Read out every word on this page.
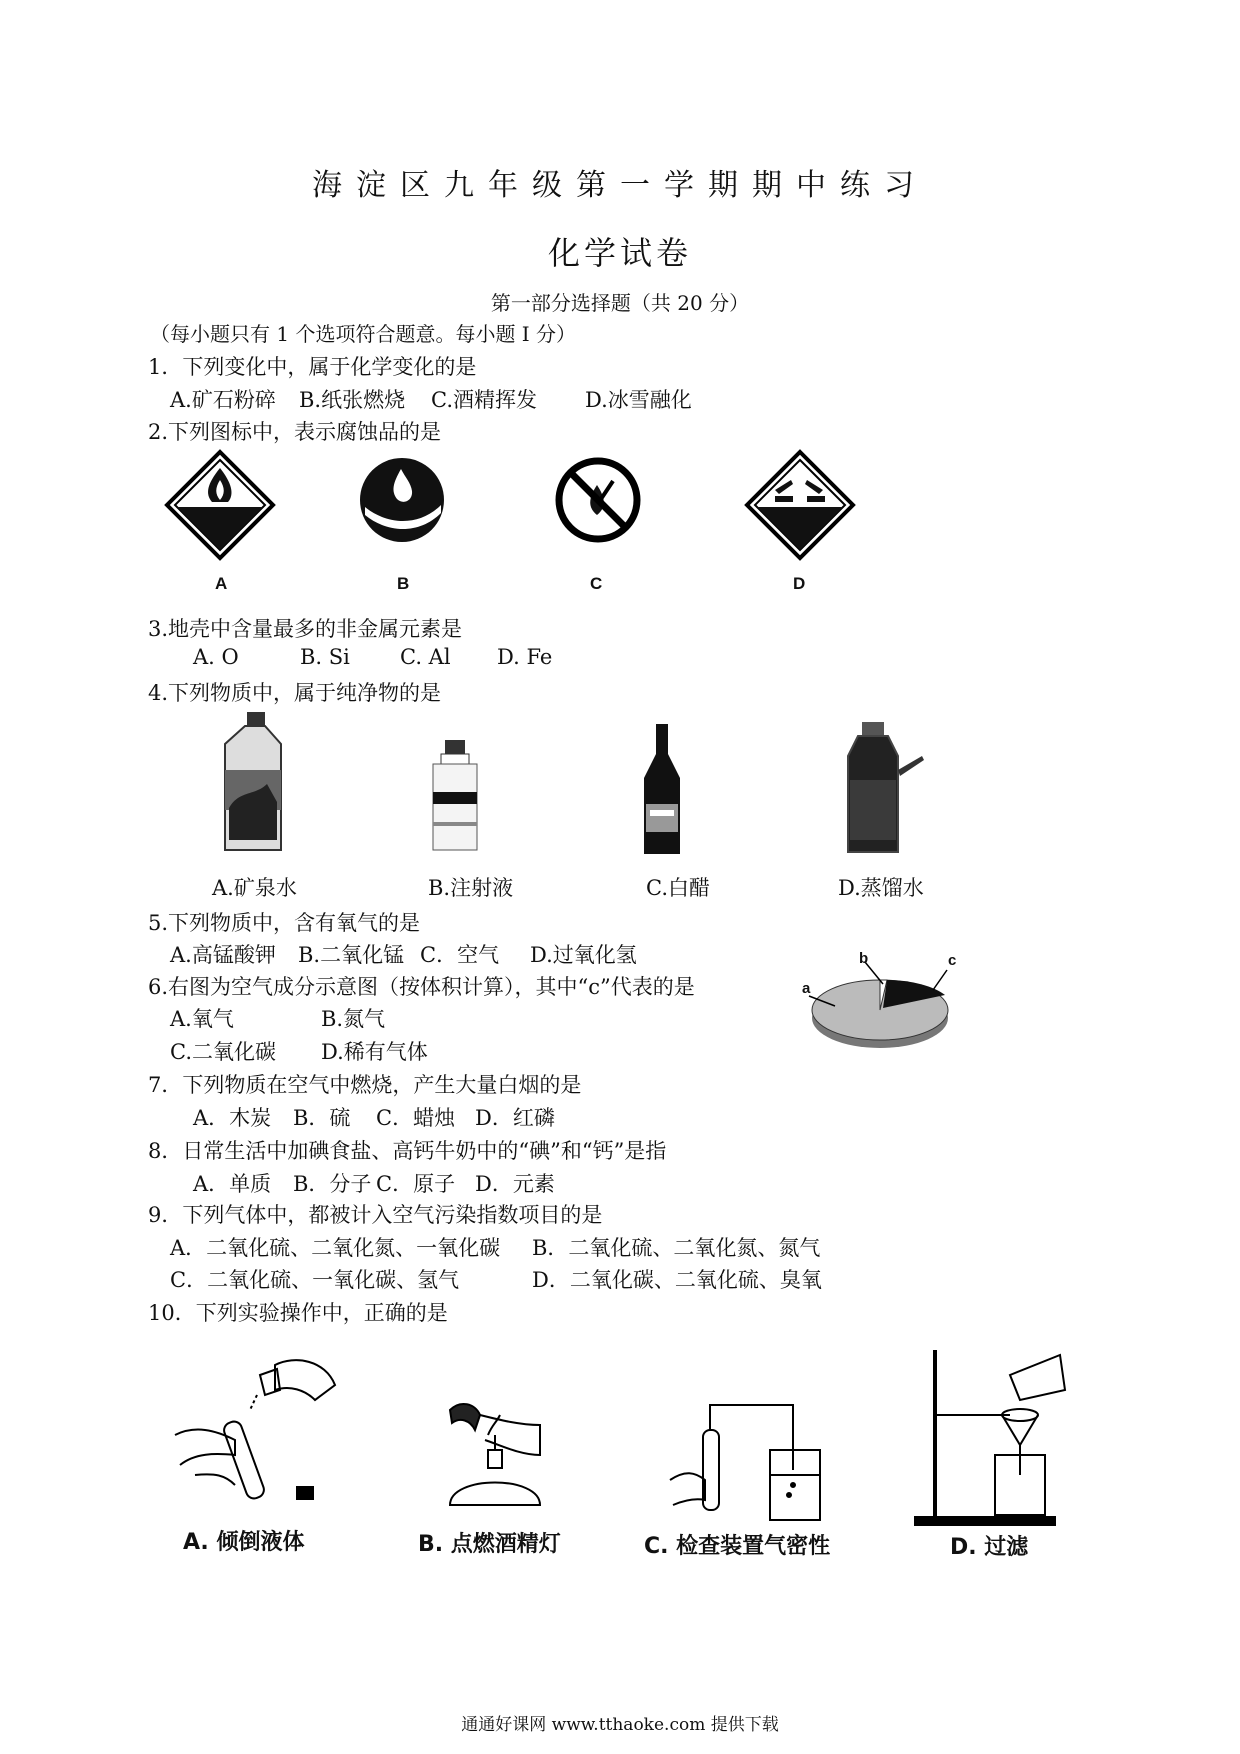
海淀区九年级第一学期期中练习
化学试卷
第一部分选择题（共 20 分）
（每小题只有 1 个选项符合题意。每小题 I 分）
1．下列变化中，属于化学变化的是
A.矿石粉碎 B.纸张燃烧 C.酒精挥发 D.冰雪融化
2.下列图标中，表示腐蚀品的是
A	B	C	D
3.地壳中含量最多的非金属元素是
A. O	B. Si C. Al D. Fe
4.下列物质中，属于纯净物的是
A.矿泉水	B.注射液	C.白醋	D.蒸馏水
5.下列物质中，含有氧气的是
A.高锰酸钾 B.二氧化锰 C．空气 D.过氧化氢
6.右图为空气成分示意图（按体积计算），其中“c”代表的是
A.氧气	B.氮气
C.二氧化碳 D.稀有气体
a
b	c
7．下列物质在空气中燃烧，产生大量白烟的是
A．木炭 B．硫 C．蜡烛 D．红磷
8．日常生活中加碘食盐、高钙牛奶中的“碘”和“钙”是指
A．单质 B．分子 C．原子 D．元素
9．下列气体中，都被计入空气污染指数项目的是
A．二氧化硫、二氧化氮、一氧化碳 B．二氧化硫、二氧化氮、氮气
C．二氧化硫、一氧化碳、氢气	D．二氧化碳、二氧化硫、臭氧
10．下列实验操作中，正确的是
A. 倾倒液体	B. 点燃酒精灯	C. 检查装置气密性	D. 过滤
通通好课网 www.tthaoke.com 提供下载
